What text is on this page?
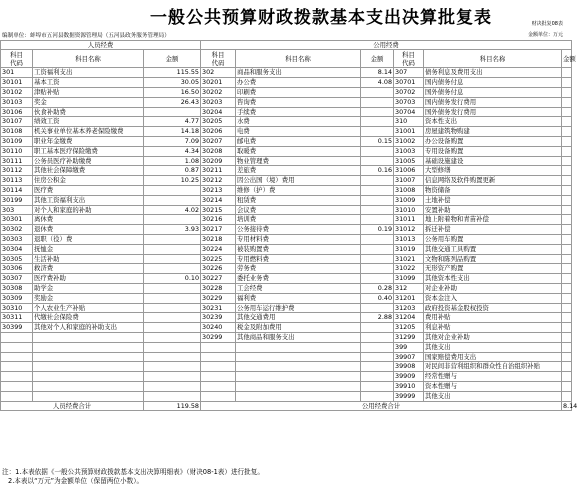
一般公共预算财政拨款基本支出决算批复表	财决批复08表
金额单位：万元
编制单位：蚌埠市五河县数据资源管理局（五河县政务服务管理局）
人员经费			公用经费					
科目
代码	科目名称	金额	科目
代码	科目名称	金额	科目
代码	科目名称	金额
301	工资福利支出	115.55	302	商品和服务支出	8.14	307	债务利息及费用支出	
30101	基本工资	30.05	30201	办公费	4.08	30701	国内债务付息	
30102	津贴补贴	16.50	30202	印刷费		30702	国外债务付息	
30103	奖金	26.43	30203	咨询费		30703	国内债务发行费用	
30106	伙食补助费		30204	手续费		30704	国外债务发行费用	
30107	绩效工资	4.77	30205	水费		310	资本性支出	
30108	机关事业单位基本养老保险缴费	14.18	30206	电费		31001	房屋建筑物购建	
30109	职业年金缴费	7.09	30207	邮电费	0.15	31002	办公设备购置	
30110	职工基本医疗保险缴费	4.34	30208	取暖费		31003	专用设备购置	
30111	公务员医疗补助缴费	1.08	30209	物业管理费		31005	基础设施建设	
30112	其他社会保障缴费	0.87	30211	差旅费	0.16	31006	大型修缮	
30113	住房公积金	10.25	30212	因公出国（境）费用		31007	信息网络及软件购置更新	
30114	医疗费		30213	维修（护）费		31008	物资储备	
30199	其他工资福利支出		30214	租赁费		31009	土地补偿	
303	对个人和家庭的补助	4.02	30215	会议费		31010	安置补助	
30301	离休费		30216	培训费		31011	地上附着物和青苗补偿	
30302	退休费	3.93	30217	公务接待费	0.19	31012	拆迁补偿	
30303	退职（役）费		30218	专用材料费		31013	公务用车购置	
30304	抚恤金		30224	被装购置费		31019	其他交通工具购置	
30305	生活补助		30225	专用燃料费		31021	文物和陈列品购置	
30306	救济费		30226	劳务费		31022	无形资产购置	
30307	医疗费补助	0.10	30227	委托业务费		31099	其他资本性支出	
30308	助学金		30228	工会经费	0.28	312	对企业补助	
30309	奖励金		30229	福利费	0.40	31201	资本金注入	
30310	个人农业生产补贴		30231	公务用车运行维护费		31203	政府投资基金股权投资	
30311	代缴社会保险费		30239	其他交通费用	2.88	31204	费用补贴	
30399	其他对个人和家庭的补助支出		30240	税金及附加费用		31205	利息补贴	
			30299	其他商品和服务支出		31299	其他对企业补助	
						399	其他支出	
						39907	国家赔偿费用支出	
						39908	对民间非营利组织和群众性自治组织补贴	
						39909	经常性赠与	
						39910	资本性赠与	
						39999	其他支出	
人员经费合计		119.58	公用经费合计					8.14
注：1.本表依据《一般公共预算财政拨款基本支出决算明细表》（财决08-1表）进行批复。
2.本表以“万元”为金额单位（保留两位小数）。
